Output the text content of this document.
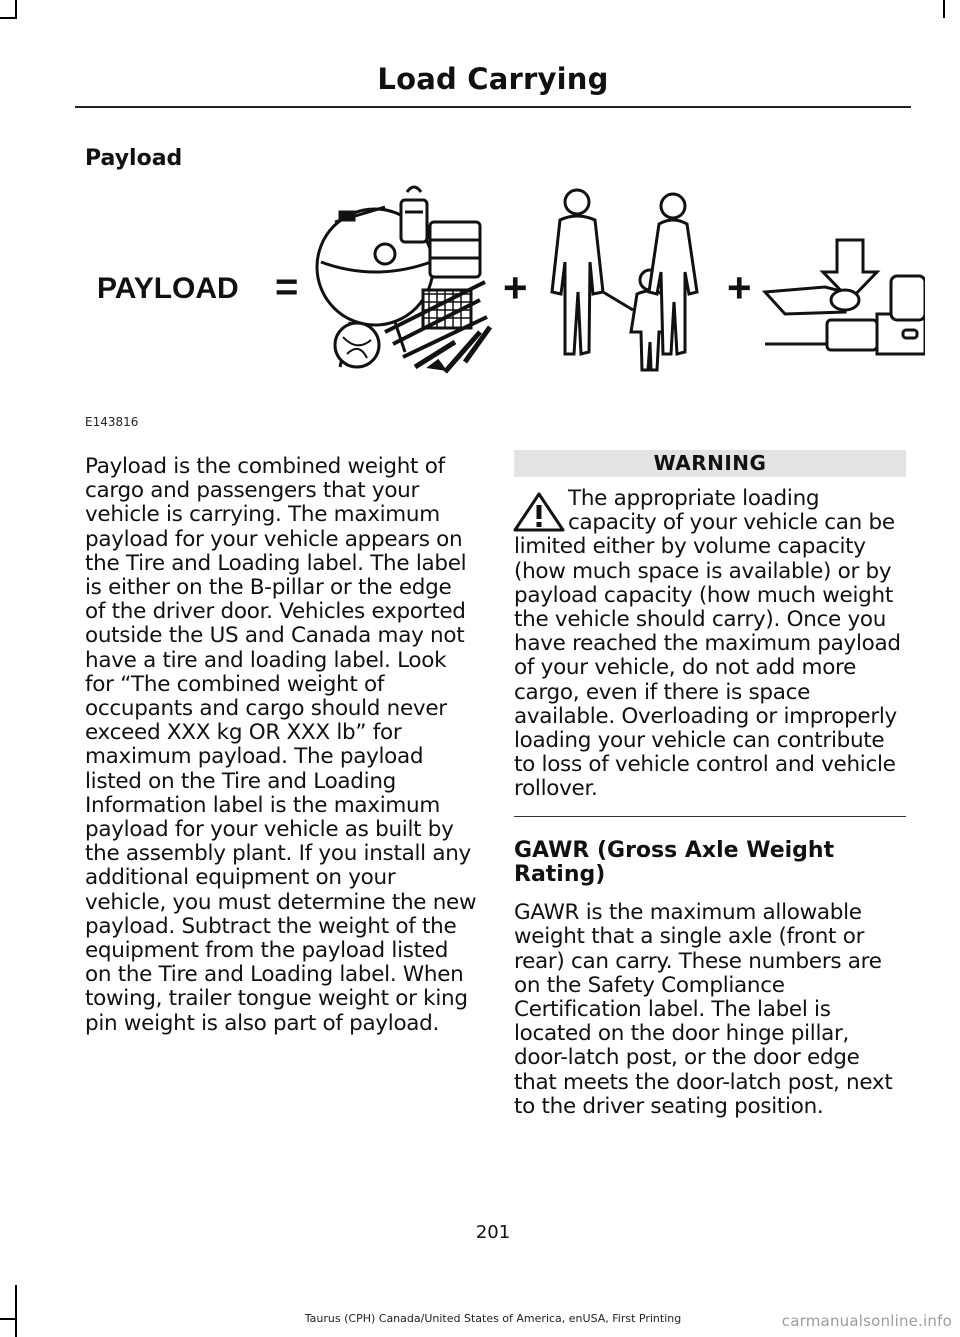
Load Carrying
Payload
PAYLOAD =	+	+
E143816
Payload is the combined weight of cargo and passengers that your vehicle is carrying. The maximum payload for your vehicle appears on the Tire and Loading label. The label is either on the B-pillar or the edge of the driver door. Vehicles exported outside the US and Canada may not have a tire and loading label. Look for “The combined weight of occupants and cargo should never exceed XXX kg OR XXX lb” for maximum payload. The payload listed on the Tire and Loading Information label is the maximum payload for your vehicle as built by the assembly plant. If you install any additional equipment on your vehicle, you must determine the new payload. Subtract the weight of the equipment from the payload listed on the Tire and Loading label. When towing, trailer tongue weight or king pin weight is also part of payload.
WARNING
The appropriate loading capacity of your vehicle can be limited either by volume capacity (how much space is available) or by payload capacity (how much weight the vehicle should carry). Once you have reached the maximum payload of your vehicle, do not add more cargo, even if there is space available. Overloading or improperly loading your vehicle can contribute to loss of vehicle control and vehicle rollover.
GAWR (Gross Axle Weight Rating)
GAWR is the maximum allowable weight that a single axle (front or rear) can carry. These numbers are on the Safety Compliance Certification label. The label is located on the door hinge pillar, door-latch post, or the door edge that meets the door-latch post, next to the driver seating position.
201
Taurus (CPH) Canada/United States of America, enUSA, First Printing	carmanualsonline.info
